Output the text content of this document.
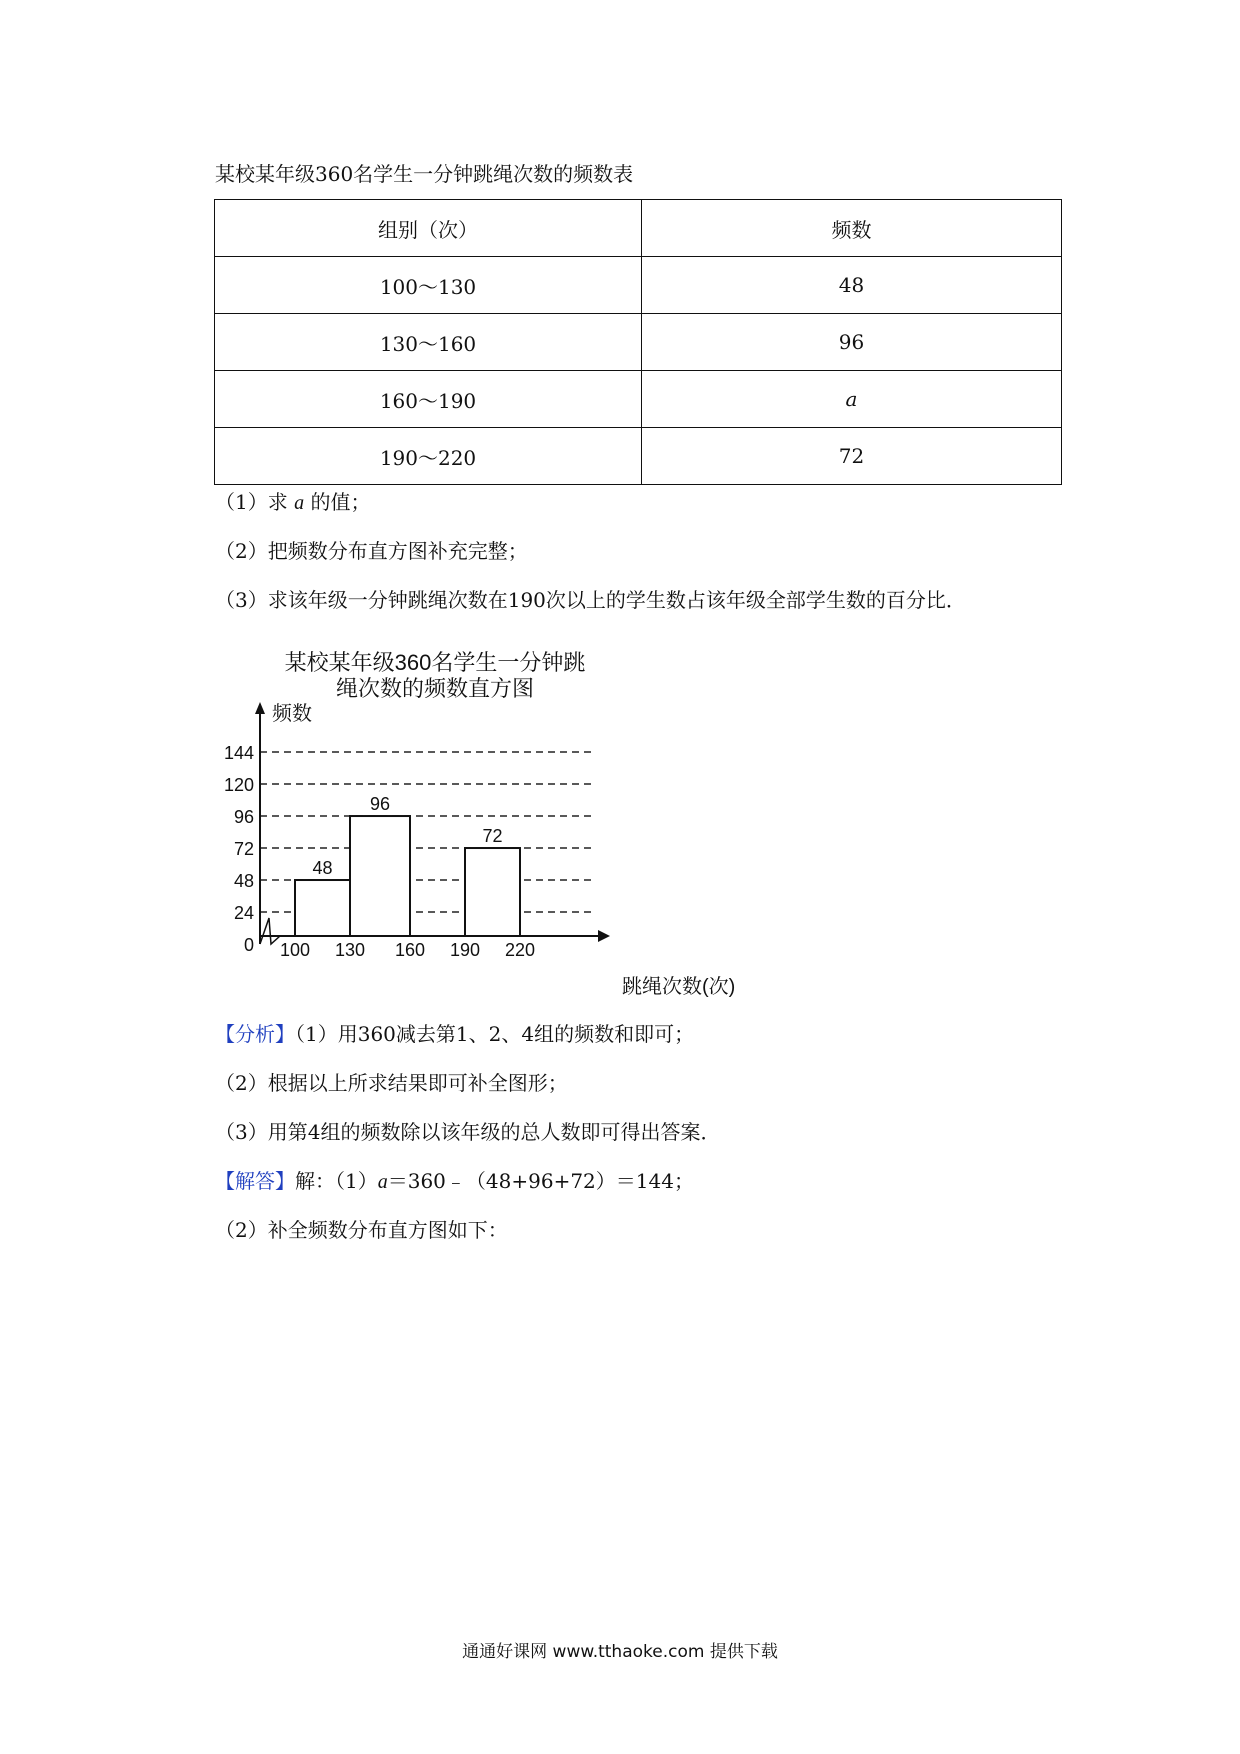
某校某年级360名学生一分钟跳绳次数的频数表
组别（次）	频数
100～130	48
130～160	96
160～190	a
190～220	72
（1）求 a 的值；
（2）把频数分布直方图补充完整；
（3）求该年级一分钟跳绳次数在190次以上的学生数占该年级全部学生数的百分比．
某校某年级360名学生一分钟跳
绳次数的频数直方图
频数
跳绳次数(次)
0
24
48
72
96
120
144
100 130 160 190 220
48
96
72
【分析】（1）用360减去第1、2、4组的频数和即可；
（2）根据以上所求结果即可补全图形；
（3）用第4组的频数除以该年级的总人数即可得出答案．
【解答】解：（1）a＝360﹣（48+96+72）＝144；
（2）补全频数分布直方图如下：
通通好课网 www.tthaoke.com 提供下载
